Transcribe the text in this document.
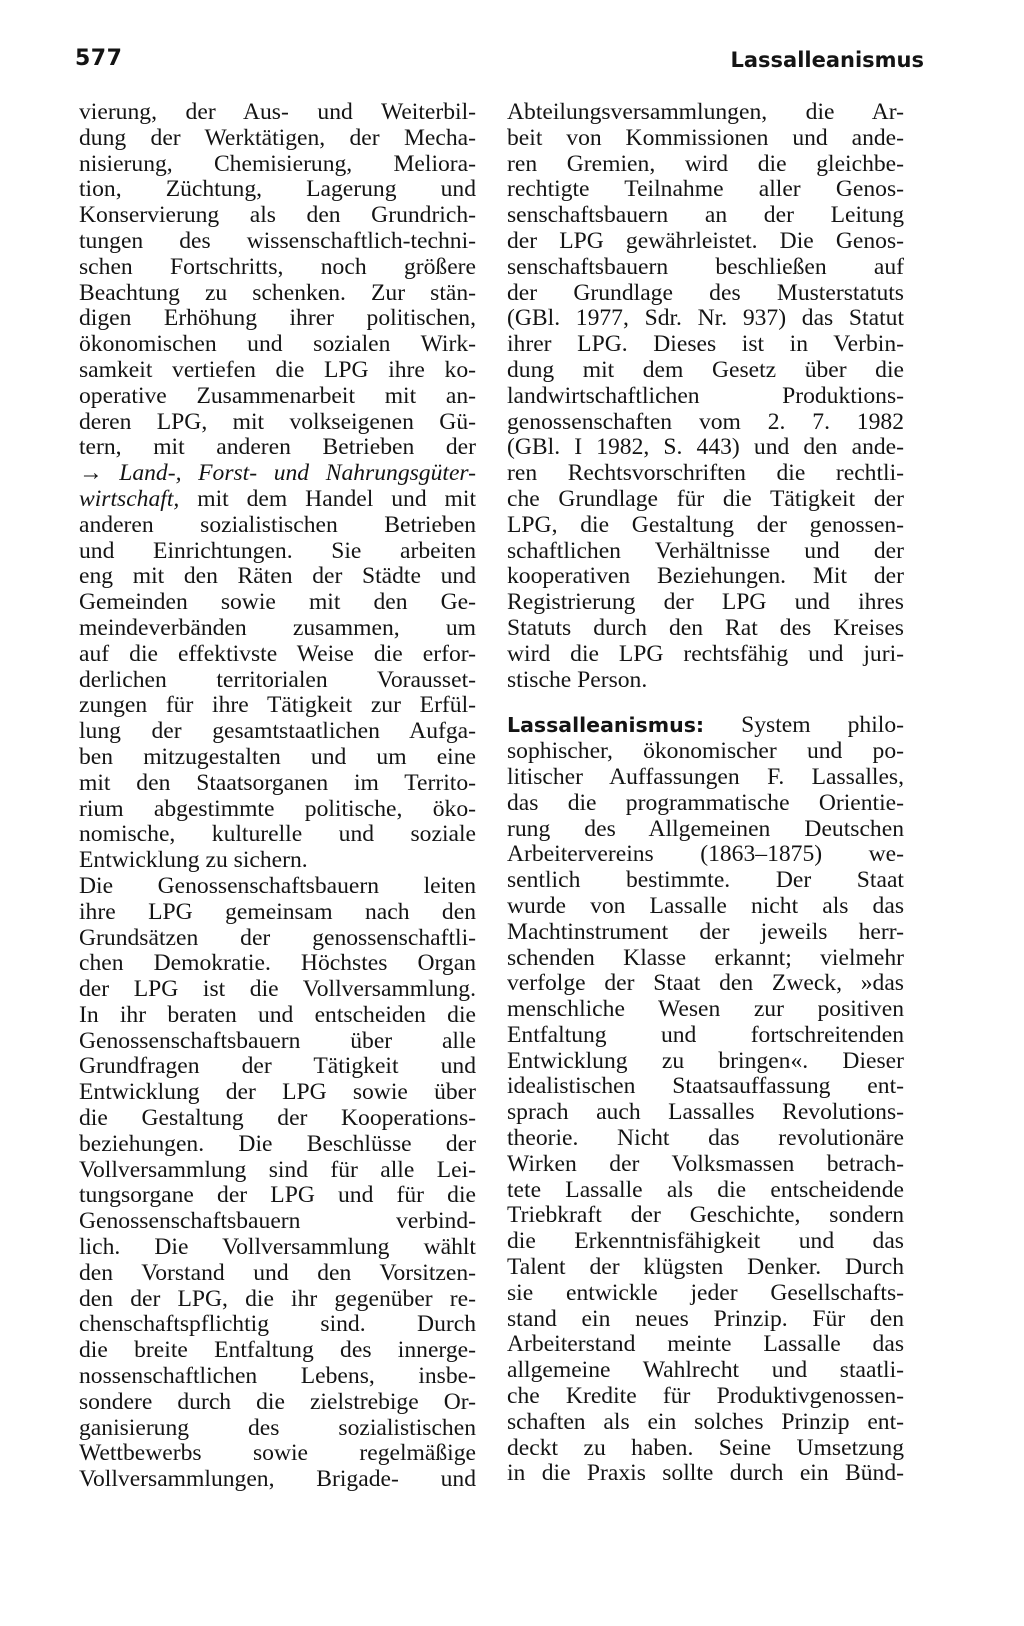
577	Lassalleanismus
vierung, der Aus- und Weiterbil-
dung der Werktätigen, der Mecha-
nisierung, Chemisierung, Meliora-
tion, Züchtung, Lagerung und
Konservierung als den Grundrich-
tungen des wissenschaftlich-techni-
schen Fortschritts, noch größere
Beachtung zu schenken. Zur stän-
digen Erhöhung ihrer politischen,
ökonomischen und sozialen Wirk-
samkeit vertiefen die LPG ihre ko-
operative Zusammenarbeit mit an-
deren LPG, mit volkseigenen Gü-
tern, mit anderen Betrieben der
→ Land-, Forst- und Nahrungsgüter-
wirtschaft, mit dem Handel und mit
anderen sozialistischen Betrieben
und Einrichtungen. Sie arbeiten
eng mit den Räten der Städte und
Gemeinden sowie mit den Ge-
meindeverbänden zusammen, um
auf die effektivste Weise die erfor-
derlichen territorialen Vorausset-
zungen für ihre Tätigkeit zur Erfül-
lung der gesamtstaatlichen Aufga-
ben mitzugestalten und um eine
mit den Staatsorganen im Territo-
rium abgestimmte politische, öko-
nomische, kulturelle und soziale
Entwicklung zu sichern.
Die Genossenschaftsbauern leiten
ihre LPG gemeinsam nach den
Grundsätzen der genossenschaftli-
chen Demokratie. Höchstes Organ
der LPG ist die Vollversammlung.
In ihr beraten und entscheiden die
Genossenschaftsbauern über alle
Grundfragen der Tätigkeit und
Entwicklung der LPG sowie über
die Gestaltung der Kooperations-
beziehungen. Die Beschlüsse der
Vollversammlung sind für alle Lei-
tungsorgane der LPG und für die
Genossenschaftsbauern verbind-
lich. Die Vollversammlung wählt
den Vorstand und den Vorsitzen-
den der LPG, die ihr gegenüber re-
chenschaftspflichtig sind. Durch
die breite Entfaltung des innerge-
nossenschaftlichen Lebens, insbe-
sondere durch die zielstrebige Or-
ganisierung des sozialistischen
Wettbewerbs sowie regelmäßige
Vollversammlungen, Brigade- und
Abteilungsversammlungen, die Ar-
beit von Kommissionen und ande-
ren Gremien, wird die gleichbe-
rechtigte Teilnahme aller Genos-
senschaftsbauern an der Leitung
der LPG gewährleistet. Die Genos-
senschaftsbauern beschließen auf
der Grundlage des Musterstatuts
(GBl. 1977, Sdr. Nr. 937) das Statut
ihrer LPG. Dieses ist in Verbin-
dung mit dem Gesetz über die
landwirtschaftlichen Produktions-
genossenschaften vom 2. 7. 1982
(GBl. I 1982, S. 443) und den ande-
ren Rechtsvorschriften die rechtli-
che Grundlage für die Tätigkeit der
LPG, die Gestaltung der genossen-
schaftlichen Verhältnisse und der
kooperativen Beziehungen. Mit der
Registrierung der LPG und ihres
Statuts durch den Rat des Kreises
wird die LPG rechtsfähig und juri-
stische Person.
Lassalleanismus: System philo-
sophischer, ökonomischer und po-
litischer Auffassungen F. Lassalles,
das die programmatische Orientie-
rung des Allgemeinen Deutschen
Arbeitervereins (1863–1875) we-
sentlich bestimmte. Der Staat
wurde von Lassalle nicht als das
Machtinstrument der jeweils herr-
schenden Klasse erkannt; vielmehr
verfolge der Staat den Zweck, »das
menschliche Wesen zur positiven
Entfaltung und fortschreitenden
Entwicklung zu bringen«. Dieser
idealistischen Staatsauffassung ent-
sprach auch Lassalles Revolutions-
theorie. Nicht das revolutionäre
Wirken der Volksmassen betrach-
tete Lassalle als die entscheidende
Triebkraft der Geschichte, sondern
die Erkenntnisfähigkeit und das
Talent der klügsten Denker. Durch
sie entwickle jeder Gesellschafts-
stand ein neues Prinzip. Für den
Arbeiterstand meinte Lassalle das
allgemeine Wahlrecht und staatli-
che Kredite für Produktivgenossen-
schaften als ein solches Prinzip ent-
deckt zu haben. Seine Umsetzung
in die Praxis sollte durch ein Bünd-
